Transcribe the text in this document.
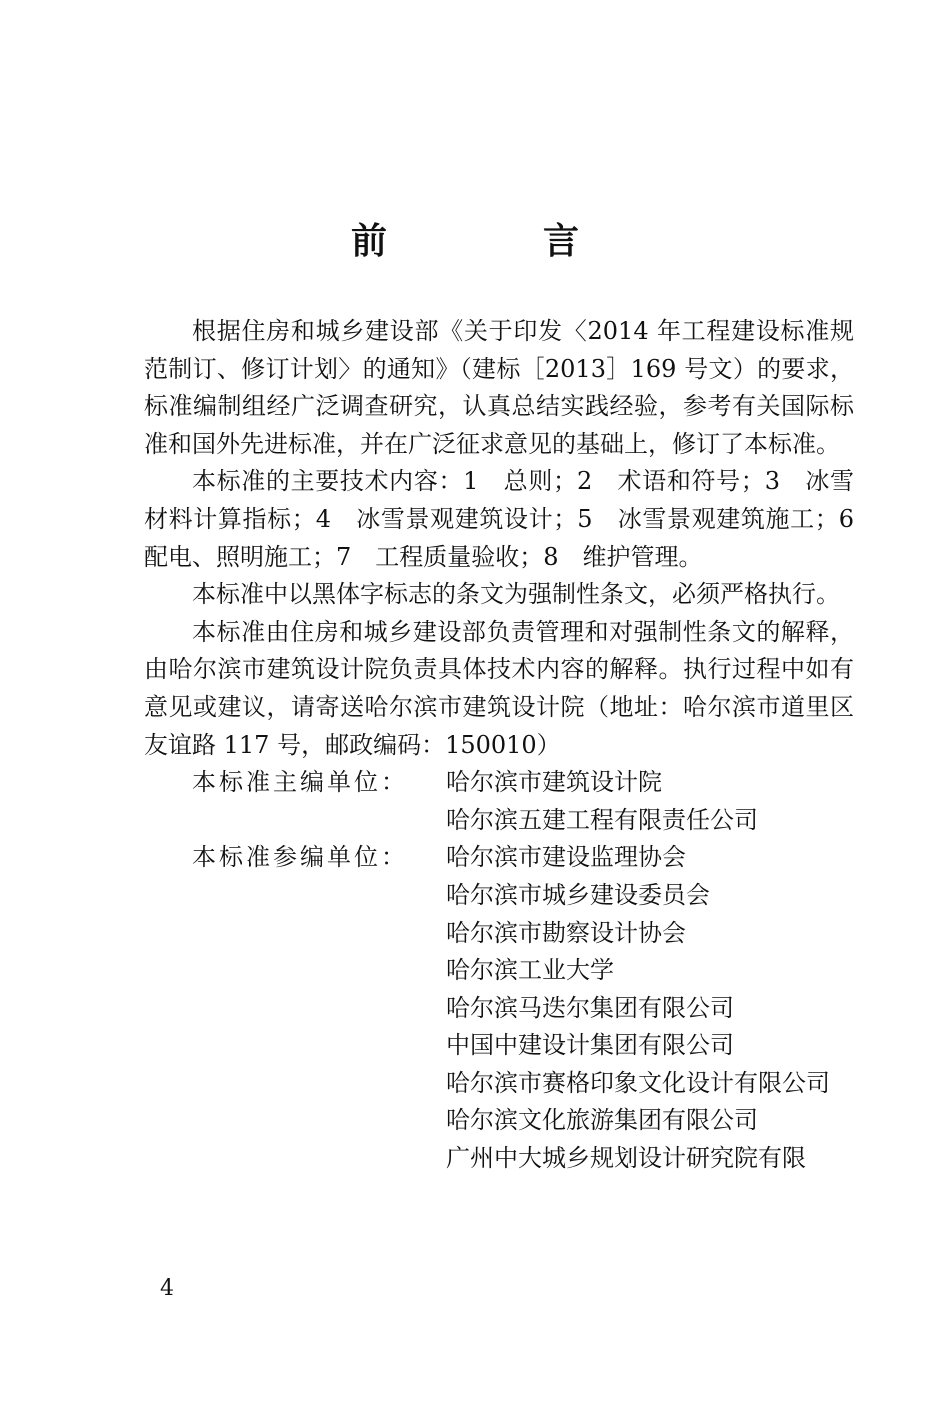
前　言

根据住房和城乡建设部《关于印发〈2014 年工程建设标准规范制订、修订计划〉的通知》（建标［2013］169 号文）的要求，标准编制组经广泛调查研究，认真总结实践经验，参考有关国际标准和国外先进标准，并在广泛征求意见的基础上，修订了本标准。

本标准的主要技术内容：1　总则；2　术语和符号；3　冰雪材料计算指标；4　冰雪景观建筑设计；5　冰雪景观建筑施工；6　配电、照明施工；7　工程质量验收；8　维护管理。

本标准中以黑体字标志的条文为强制性条文，必须严格执行。

本标准由住房和城乡建设部负责管理和对强制性条文的解释，由哈尔滨市建筑设计院负责具体技术内容的解释。执行过程中如有意见或建议，请寄送哈尔滨市建筑设计院（地址：哈尔滨市道里区友谊路 117 号，邮政编码：150010）

本标准主编单位：	哈尔滨市建筑设计院
哈尔滨五建工程有限责任公司
本标准参编单位：	哈尔滨市建设监理协会
哈尔滨市城乡建设委员会
哈尔滨市勘察设计协会
哈尔滨工业大学
哈尔滨马迭尔集团有限公司
中国中建设计集团有限公司
哈尔滨市赛格印象文化设计有限公司
哈尔滨文化旅游集团有限公司
广州中大城乡规划设计研究院有限
4
